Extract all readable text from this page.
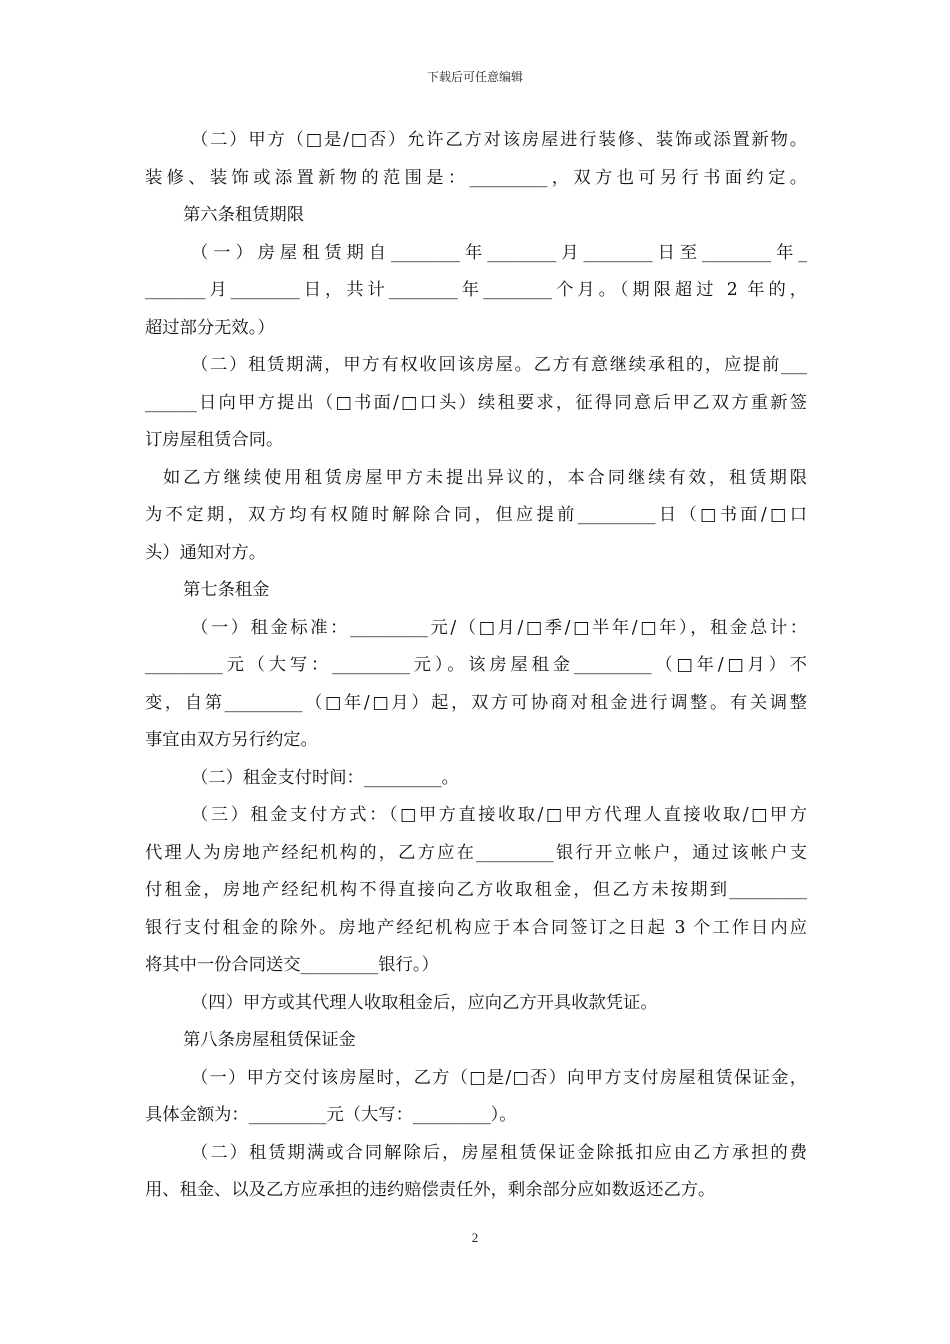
下载后可任意编辑
（二）甲方（□是/□否）允许乙方对该房屋进行装修、装饰或添置新物。
装修、装饰或添置新物的范围是：_________，双方也可另行书面约定。
第六条租赁期限
（一）房屋租赁期自________年________月________日至________年_
_______月________日，共计________年________个月。（期限超过 2 年的，
超过部分无效。）
（二）租赁期满，甲方有权收回该房屋。乙方有意继续承租的，应提前___
______日向甲方提出（□书面/□口头）续租要求，征得同意后甲乙双方重新签
订房屋租赁合同。
如乙方继续使用租赁房屋甲方未提出异议的，本合同继续有效，租赁期限
为不定期，双方均有权随时解除合同，但应提前_________日（□书面/□口
头）通知对方。
第七条租金
（一）租金标准：_________元/（□月/□季/□半年/□年），租金总计：
_________元（大写：_________元）。该房屋租金_________（□年/□月）不
变，自第_________（□年/□月）起，双方可协商对租金进行调整。有关调整
事宜由双方另行约定。
（二）租金支付时间：_________。
（三）租金支付方式：（□甲方直接收取/□甲方代理人直接收取/□甲方
代理人为房地产经纪机构的，乙方应在_________银行开立帐户，通过该帐户支
付租金，房地产经纪机构不得直接向乙方收取租金，但乙方未按期到_________
银行支付租金的除外。房地产经纪机构应于本合同签订之日起 3 个工作日内应
将其中一份合同送交_________银行。）
（四）甲方或其代理人收取租金后，应向乙方开具收款凭证。
第八条房屋租赁保证金
（一）甲方交付该房屋时，乙方（□是/□否）向甲方支付房屋租赁保证金，
具体金额为：_________元（大写：_________）。
（二）租赁期满或合同解除后，房屋租赁保证金除抵扣应由乙方承担的费
用、租金、以及乙方应承担的违约赔偿责任外，剩余部分应如数返还乙方。
2
